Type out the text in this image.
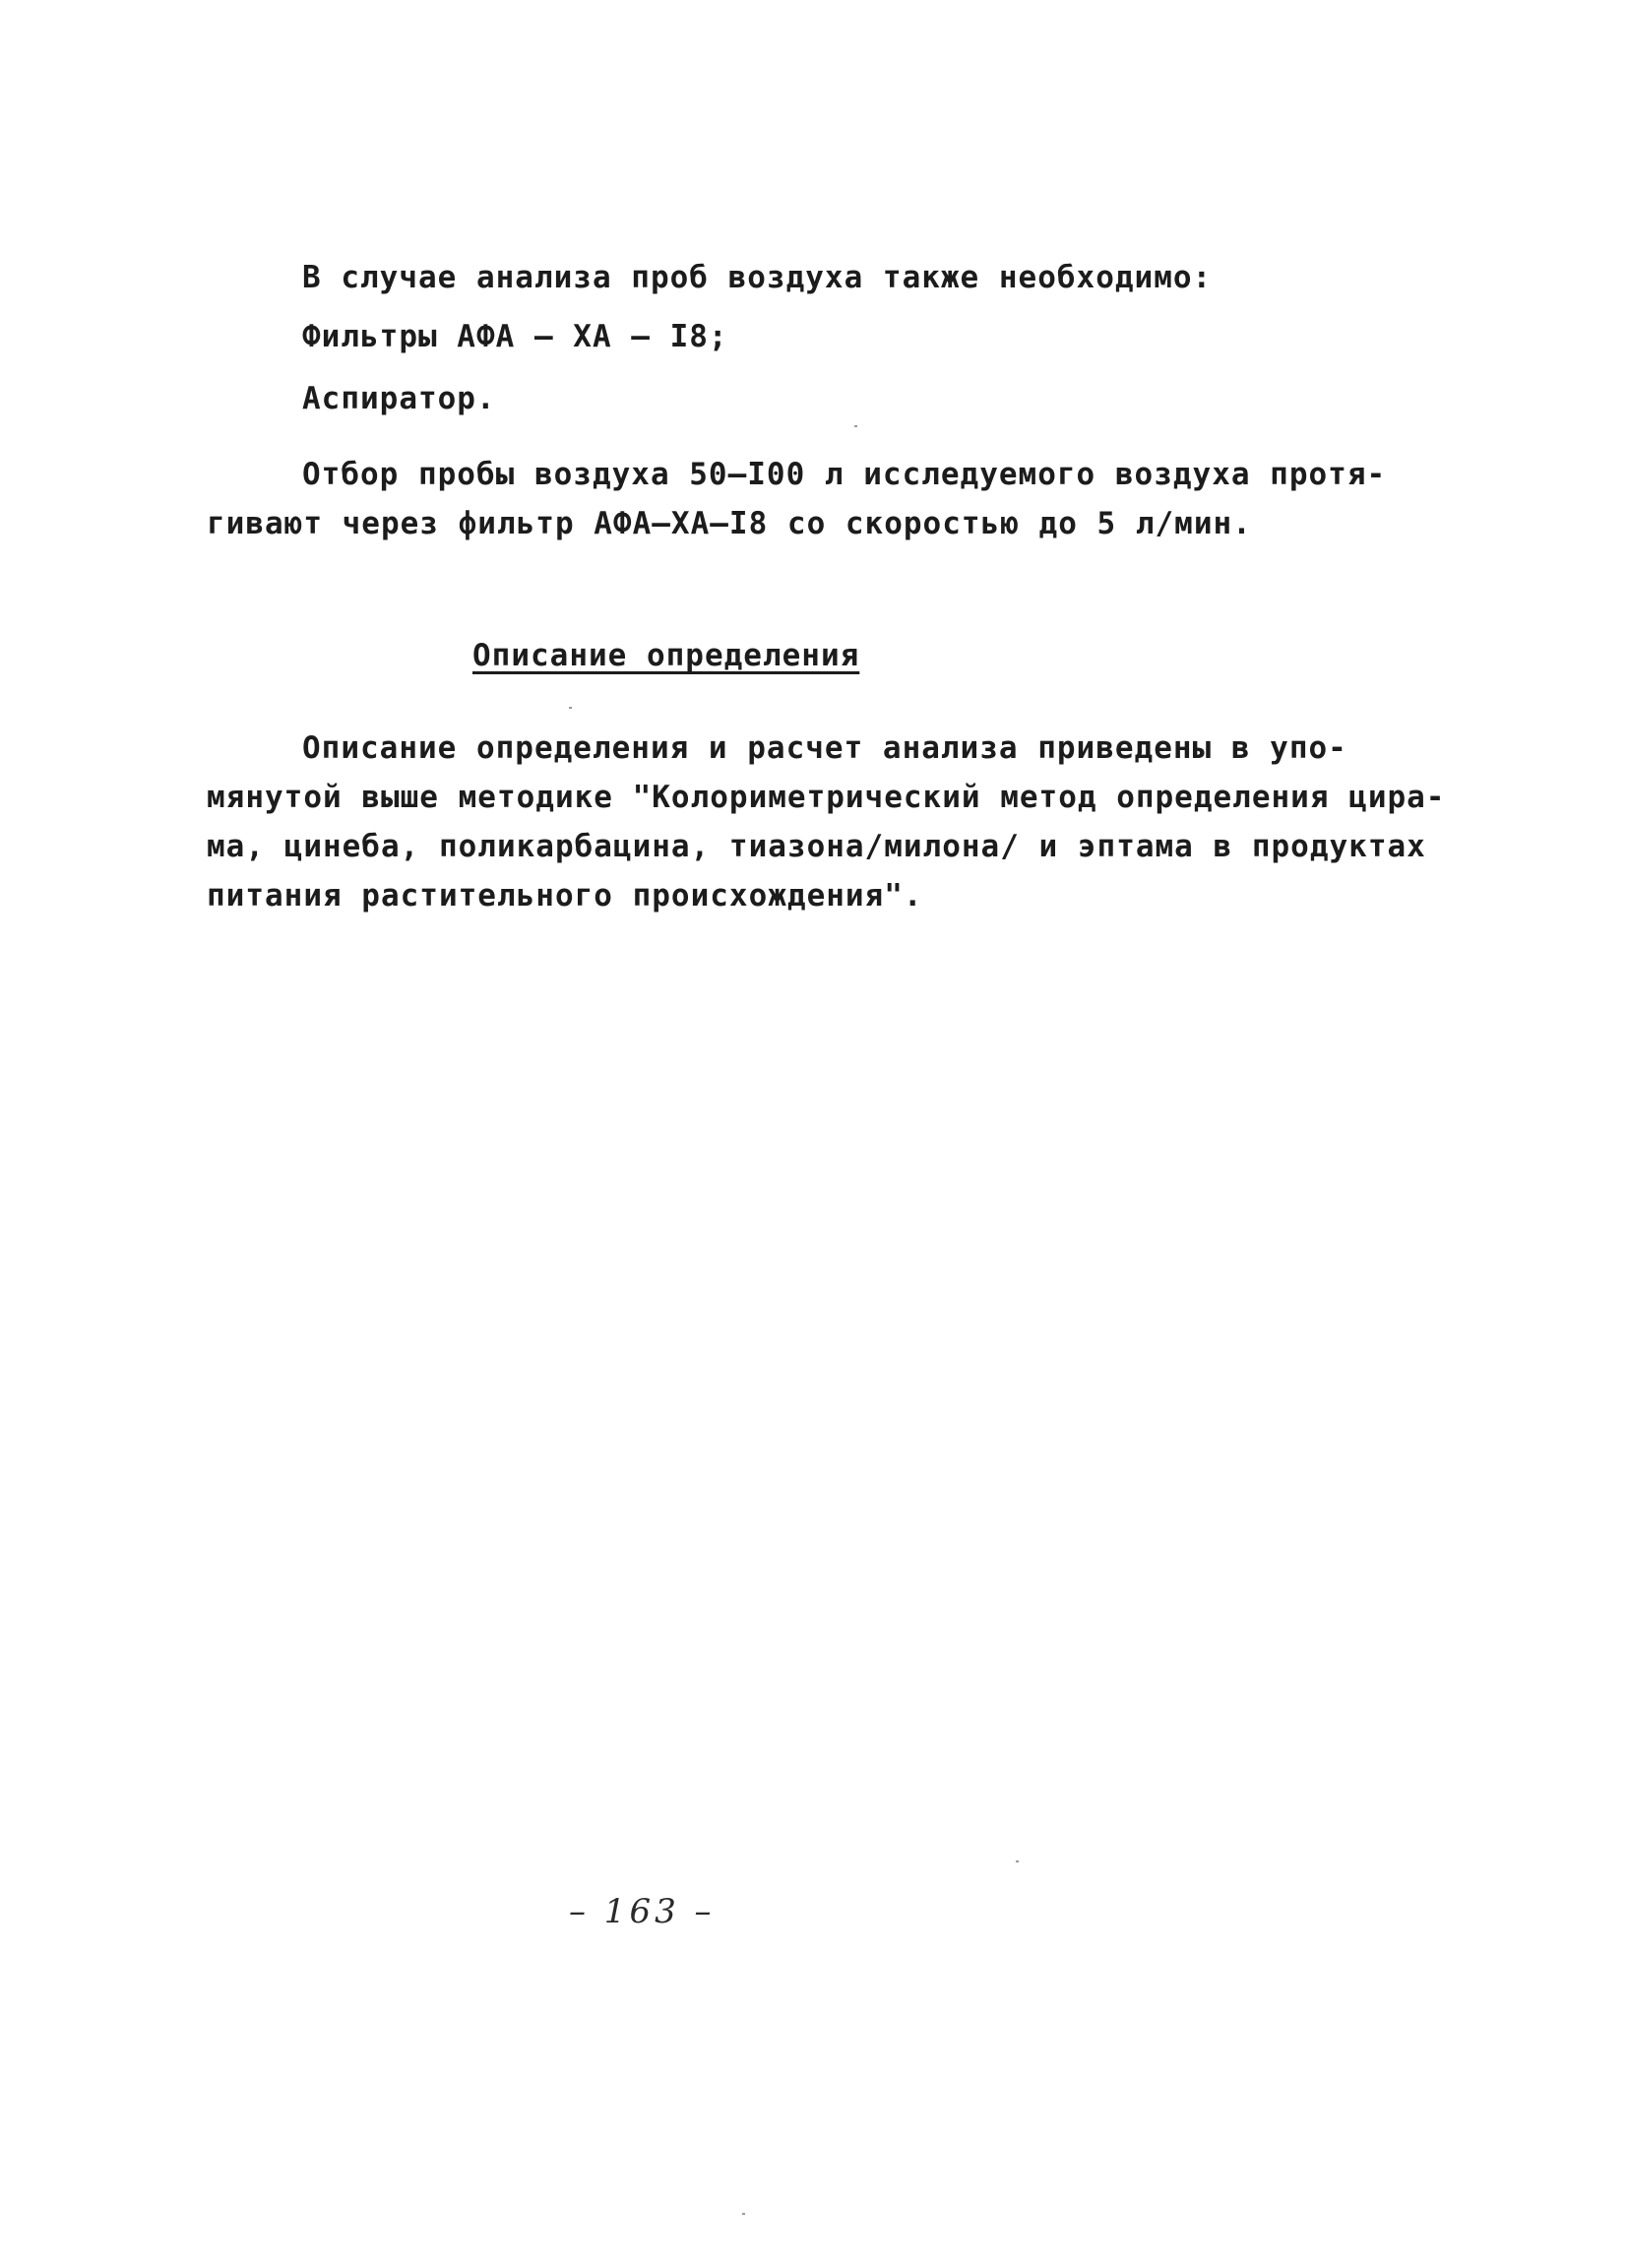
В случае анализа проб воздуха также необходимо:
Фильтры АФА – ХА – I8;
Аспиратор.
Отбор пробы воздуха 50–I00 л исследуемого воздуха протя-
гивают через фильтр АФА–ХА–I8 со скоростью до 5 л/мин.
Описание определения
Описание определения и расчет анализа приведены в упо-
мянутой выше методике "Колориметрический метод определения цира-
ма, цинеба, поликарбацина, тиазона/милона/ и эптама в продуктах
питания растительного происхождения".
– 163 –
